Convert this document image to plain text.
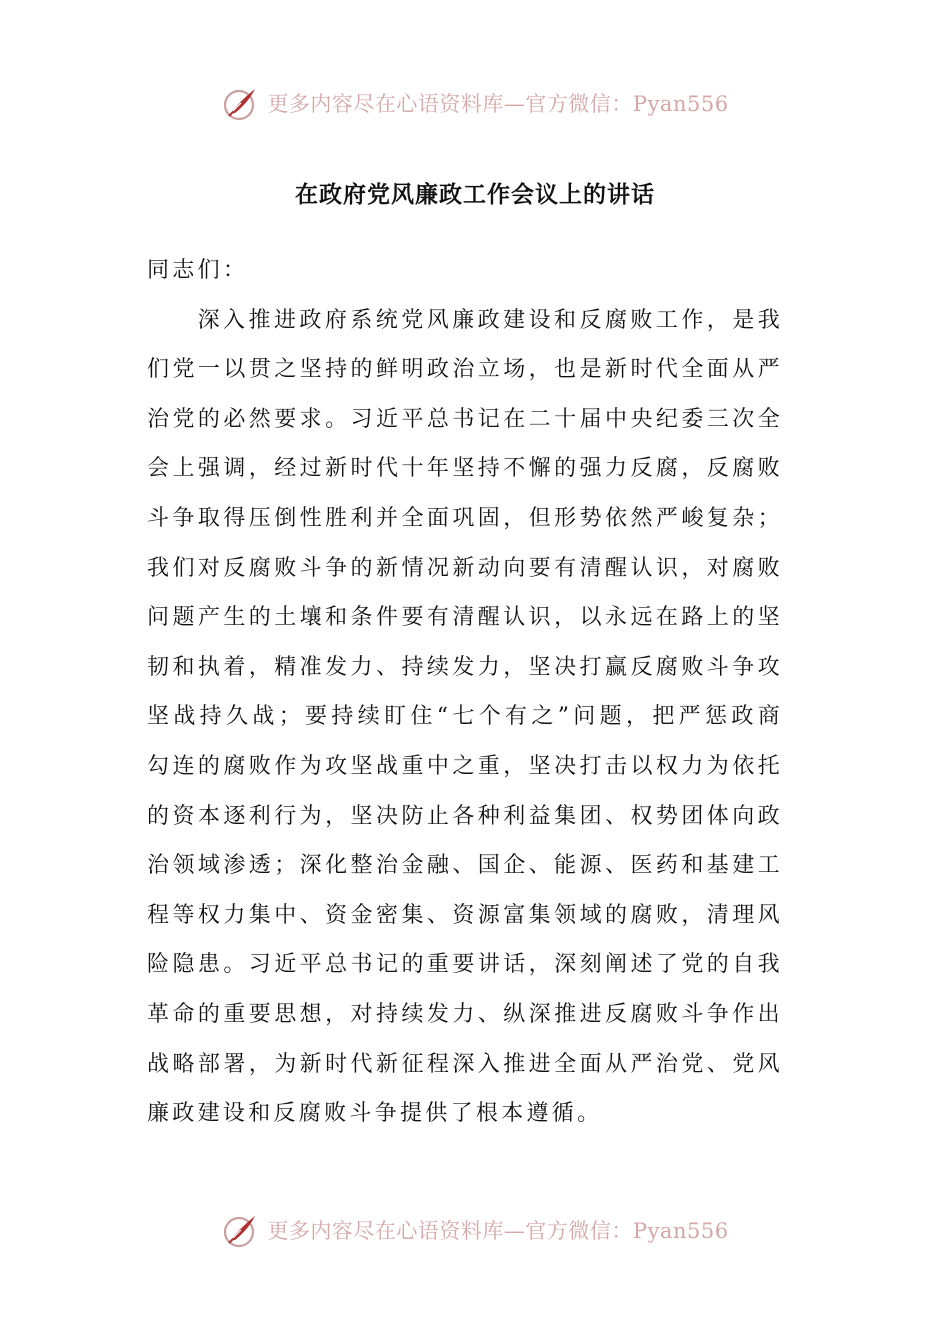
更多内容尽在心语资料库—官方微信：Pyan556
在政府党风廉政工作会议上的讲话

同志们：

深入推进政府系统党风廉政建设和反腐败工作，是我们党一以贯之坚持的鲜明政治立场，也是新时代全面从严治党的必然要求。习近平总书记在二十届中央纪委三次全会上强调，经过新时代十年坚持不懈的强力反腐，反腐败斗争取得压倒性胜利并全面巩固，但形势依然严峻复杂；我们对反腐败斗争的新情况新动向要有清醒认识，对腐败问题产生的土壤和条件要有清醒认识，以永远在路上的坚韧和执着，精准发力、持续发力，坚决打赢反腐败斗争攻坚战持久战；要持续盯住“七个有之”问题，把严惩政商勾连的腐败作为攻坚战重中之重，坚决打击以权力为依托的资本逐利行为，坚决防止各种利益集团、权势团体向政治领域渗透；深化整治金融、国企、能源、医药和基建工程等权力集中、资金密集、资源富集领域的腐败，清理风险隐患。习近平总书记的重要讲话，深刻阐述了党的自我革命的重要思想，对持续发力、纵深推进反腐败斗争作出战略部署，为新时代新征程深入推进全面从严治党、党风廉政建设和反腐败斗争提供了根本遵循。

更多内容尽在心语资料库—官方微信：Pyan556
